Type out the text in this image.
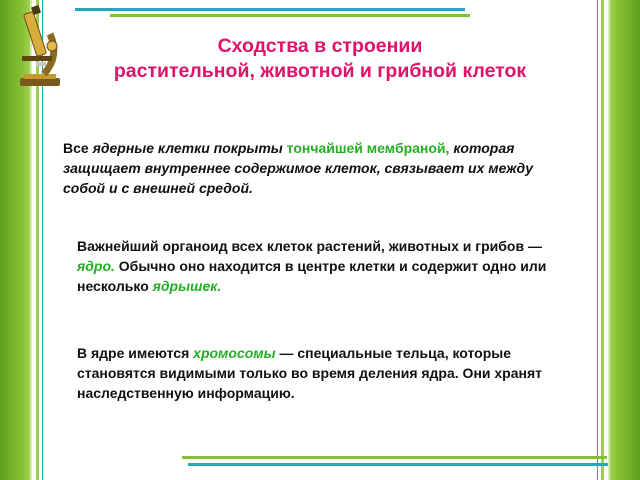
Сходства в строении
растительной, животной и грибной клеток
Все ядерные клетки покрыты тончайшей мембраной, которая защищает внутреннее содержимое клеток, связывает их между собой и с внешней средой.
Важнейший органоид всех клеток растений, животных и грибов — ядро. Обычно оно находится в центре клетки и содержит одно или несколько ядрышек.
В ядре имеются хромосомы — специальные тельца, которые становятся видимыми только во время деления ядра. Они хранят наследственную информацию.
